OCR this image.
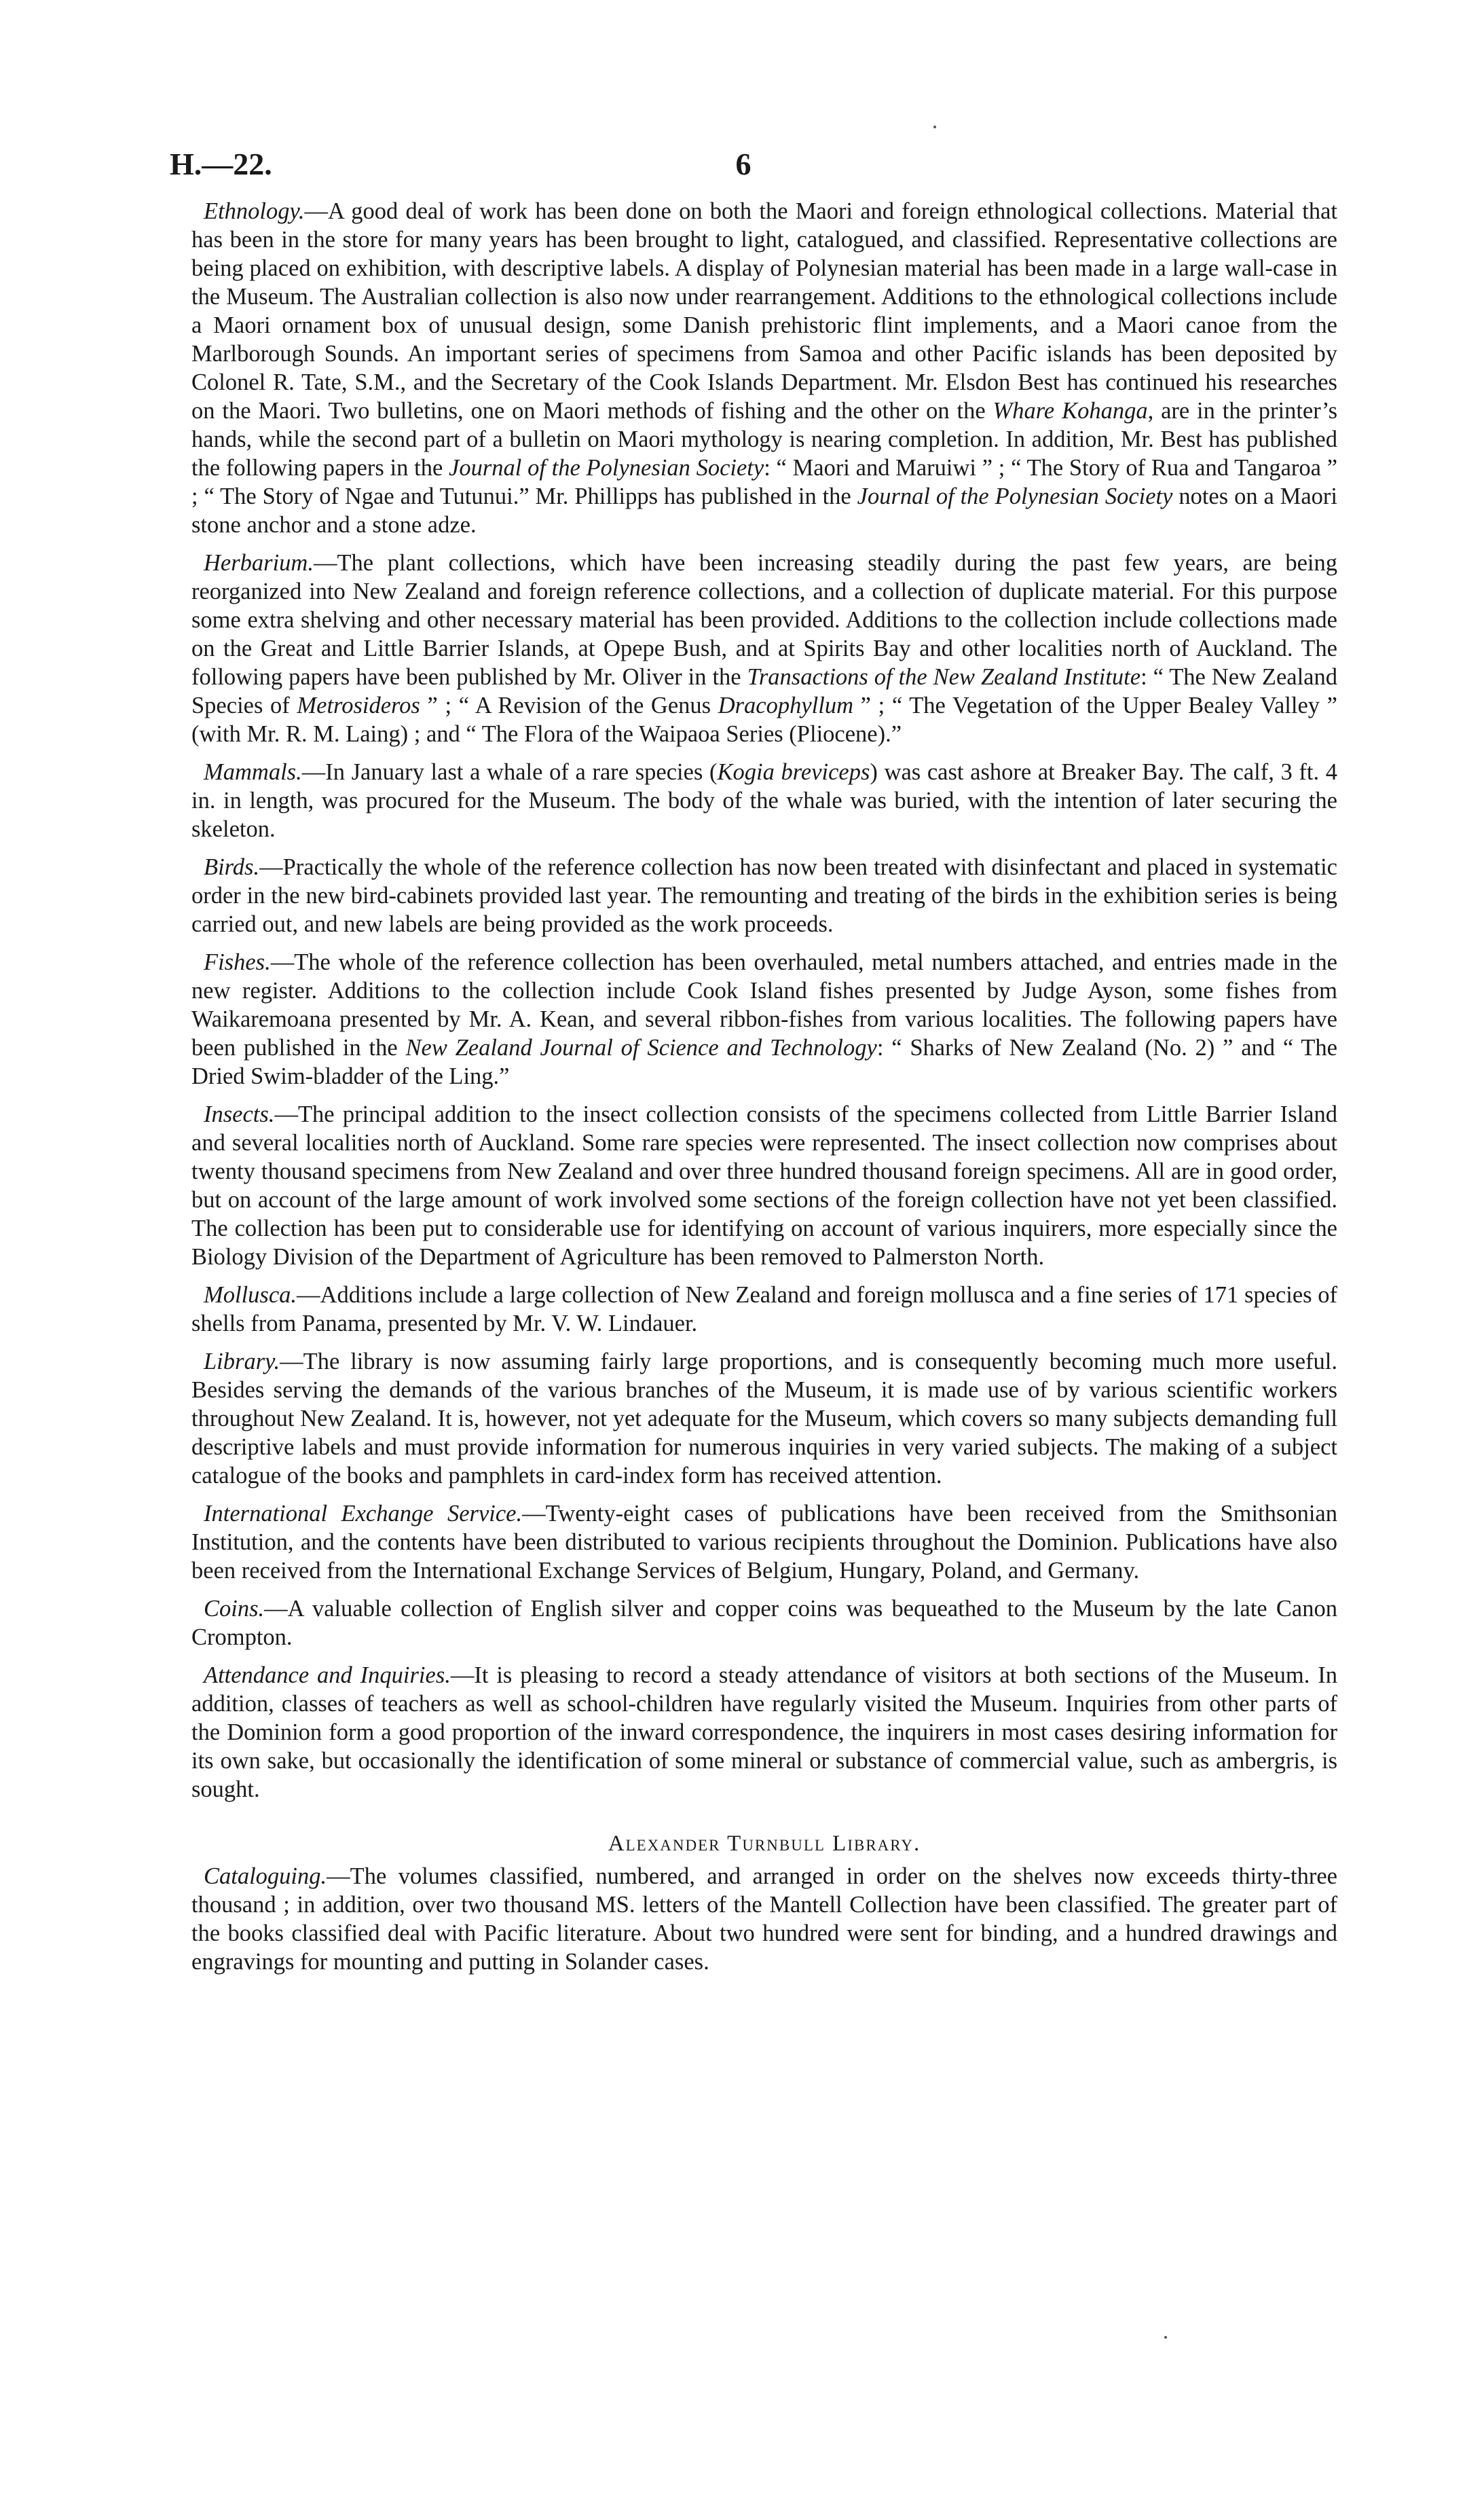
H.—22.	6

Ethnology.—A good deal of work has been done on both the Maori and foreign ethnological collections. Material that has been in the store for many years has been brought to light, catalogued, and classified. Representative collections are being placed on exhibition, with descriptive labels. A display of Polynesian material has been made in a large wall-case in the Museum. The Australian collection is also now under rearrangement. Additions to the ethnological collections include a Maori ornament box of unusual design, some Danish prehistoric flint implements, and a Maori canoe from the Marlborough Sounds. An important series of specimens from Samoa and other Pacific islands has been deposited by Colonel R. Tate, S.M., and the Secretary of the Cook Islands Department. Mr. Elsdon Best has continued his researches on the Maori. Two bulletins, one on Maori methods of fishing and the other on the Whare Kohanga, are in the printer’s hands, while the second part of a bulletin on Maori mythology is nearing completion. In addition, Mr. Best has published the following papers in the Journal of the Polynesian Society: “ Maori and Maruiwi ” ; “ The Story of Rua and Tangaroa ” ; “ The Story of Ngae and Tutunui.” Mr. Phillipps has published in the Journal of the Polynesian Society notes on a Maori stone anchor and a stone adze.

Herbarium.—The plant collections, which have been increasing steadily during the past few years, are being reorganized into New Zealand and foreign reference collections, and a collection of duplicate material. For this purpose some extra shelving and other necessary material has been provided. Additions to the collection include collections made on the Great and Little Barrier Islands, at Opepe Bush, and at Spirits Bay and other localities north of Auckland. The following papers have been published by Mr. Oliver in the Transactions of the New Zealand Institute: “ The New Zealand Species of Metrosideros ” ; “ A Revision of the Genus Dracophyllum ” ; “ The Vegetation of the Upper Bealey Valley ” (with Mr. R. M. Laing) ; and “ The Flora of the Waipaoa Series (Pliocene).”

Mammals.—In January last a whale of a rare species (Kogia breviceps) was cast ashore at Breaker Bay. The calf, 3 ft. 4 in. in length, was procured for the Museum. The body of the whale was buried, with the intention of later securing the skeleton.

Birds.—Practically the whole of the reference collection has now been treated with disinfectant and placed in systematic order in the new bird-cabinets provided last year. The remounting and treating of the birds in the exhibition series is being carried out, and new labels are being provided as the work proceeds.

Fishes.—The whole of the reference collection has been overhauled, metal numbers attached, and entries made in the new register. Additions to the collection include Cook Island fishes presented by Judge Ayson, some fishes from Waikaremoana presented by Mr. A. Kean, and several ribbon-fishes from various localities. The following papers have been published in the New Zealand Journal of Science and Technology: “ Sharks of New Zealand (No. 2) ” and “ The Dried Swim-bladder of the Ling.”

Insects.—The principal addition to the insect collection consists of the specimens collected from Little Barrier Island and several localities north of Auckland. Some rare species were represented. The insect collection now comprises about twenty thousand specimens from New Zealand and over three hundred thousand foreign specimens. All are in good order, but on account of the large amount of work involved some sections of the foreign collection have not yet been classified. The collection has been put to considerable use for identifying on account of various inquirers, more especially since the Biology Division of the Department of Agriculture has been removed to Palmerston North.

Mollusca.—Additions include a large collection of New Zealand and foreign mollusca and a fine series of 171 species of shells from Panama, presented by Mr. V. W. Lindauer.

Library.—The library is now assuming fairly large proportions, and is consequently becoming much more useful. Besides serving the demands of the various branches of the Museum, it is made use of by various scientific workers throughout New Zealand. It is, however, not yet adequate for the Museum, which covers so many subjects demanding full descriptive labels and must provide information for numerous inquiries in very varied subjects. The making of a subject catalogue of the books and pamphlets in card-index form has received attention.

International Exchange Service.—Twenty-eight cases of publications have been received from the Smithsonian Institution, and the contents have been distributed to various recipients throughout the Dominion. Publications have also been received from the International Exchange Services of Belgium, Hungary, Poland, and Germany.

Coins.—A valuable collection of English silver and copper coins was bequeathed to the Museum by the late Canon Crompton.

Attendance and Inquiries.—It is pleasing to record a steady attendance of visitors at both sections of the Museum. In addition, classes of teachers as well as school-children have regularly visited the Museum. Inquiries from other parts of the Dominion form a good proportion of the inward correspondence, the inquirers in most cases desiring information for its own sake, but occasionally the identification of some mineral or substance of commercial value, such as ambergris, is sought.

Alexander Turnbull Library.

Cataloguing.—The volumes classified, numbered, and arranged in order on the shelves now exceeds thirty-three thousand ; in addition, over two thousand MS. letters of the Mantell Collection have been classified. The greater part of the books classified deal with Pacific literature. About two hundred were sent for binding, and a hundred drawings and engravings for mounting and putting in Solander cases.
